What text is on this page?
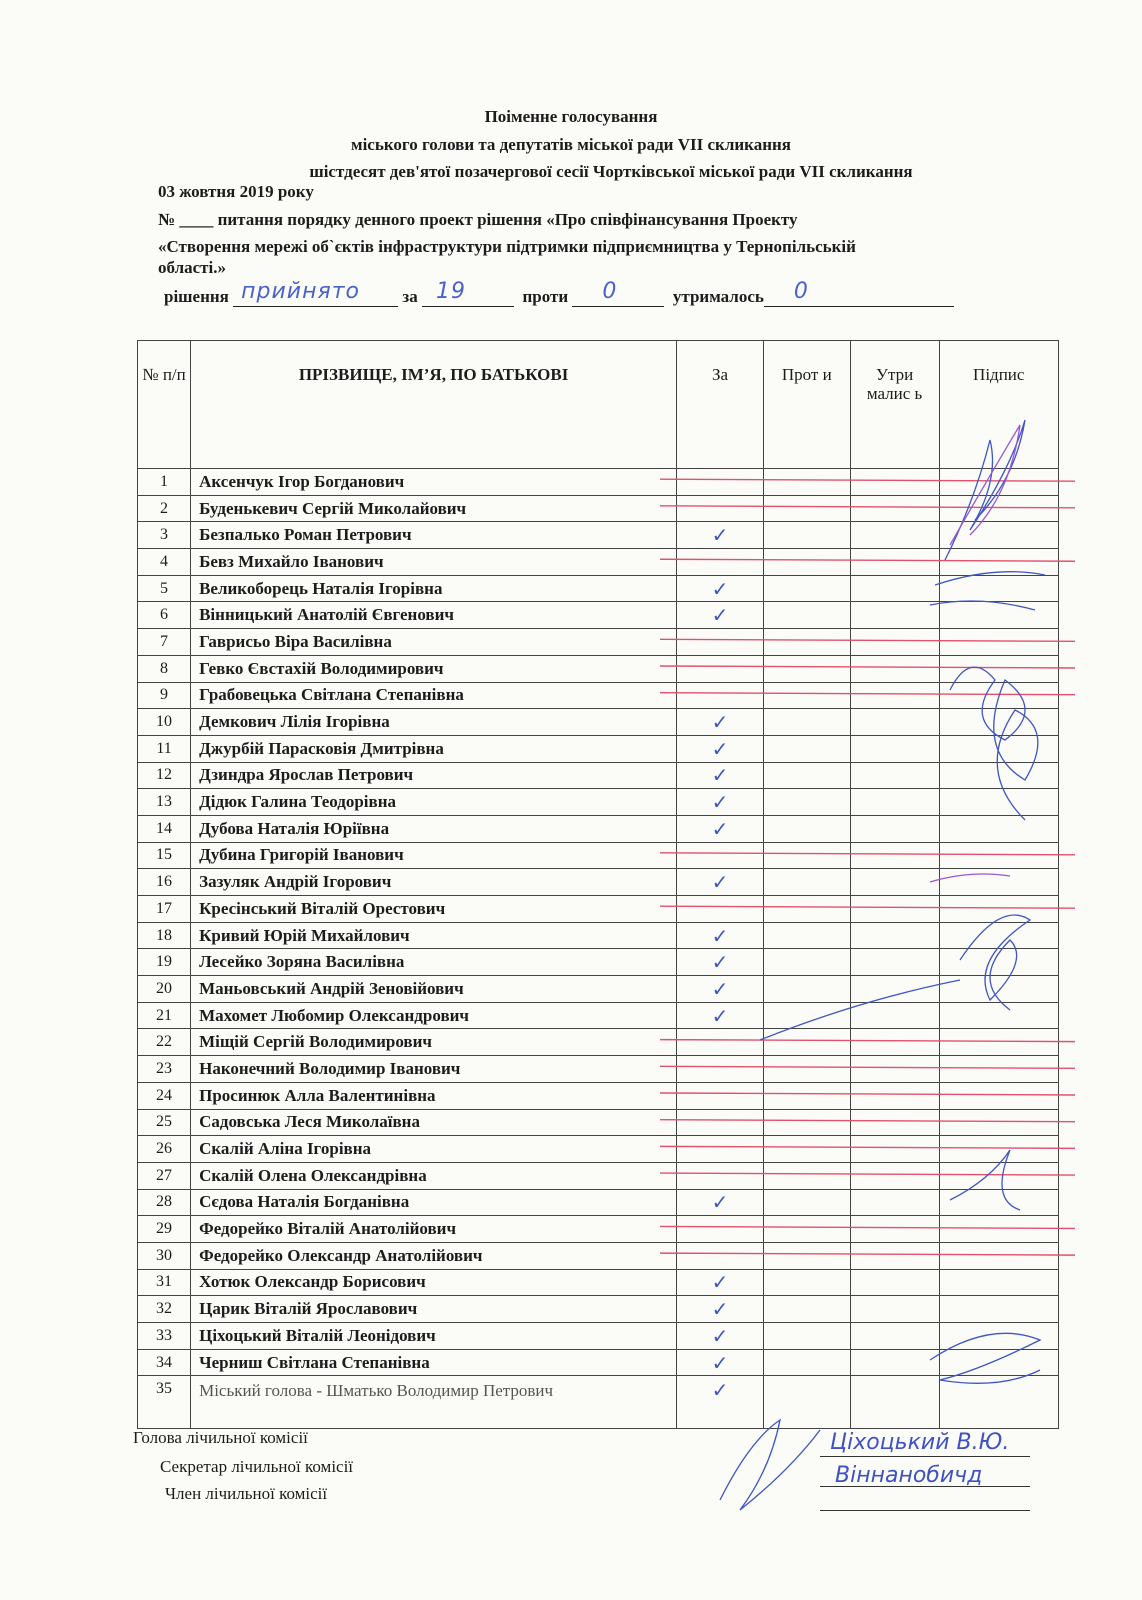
Поіменне голосування
міського голови та депутатів міської ради VII скликання
шістдесят дев'ятої позачергової сесії Чортківської міської ради VII скликання
03 жовтня 2019 року
№ ____ питання порядку денного проект рішення «Про співфінансування Проекту
«Створення мережі об`єктів інфраструктури підтримки підприємництва у Тернопільській
області.»
рішення прийнято за 19	проти 0	утрималось 0
№ п/п	ПРІЗВИЩЕ, ІМ’Я, ПО БАТЬКОВІ	За	Прот и	Утри малис ь	Підпис
1	Аксенчук Ігор Богданович				
2	Буденькевич Сергій Миколайович				
3	Безпалько Роман Петрович	✓			
4	Бевз Михайло Іванович				
5	Великоборець Наталія Ігорівна	✓			
6	Вінницький Анатолій Євгенович	✓			
7	Гаврисьо Віра Василівна				
8	Гевко Євстахій Володимирович				
9	Грабовецька Світлана Степанівна				
10	Демкович Лілія Ігорівна	✓			
11	Джурбій Парасковія Дмитрівна	✓			
12	Дзиндра Ярослав Петрович	✓			
13	Дідюк Галина Теодорівна	✓			
14	Дубова Наталія Юріївна	✓			
15	Дубина Григорій Іванович				
16	Зазуляк Андрій Ігорович	✓			
17	Кресінський Віталій Орестович				
18	Кривий Юрій Михайлович	✓			
19	Лесейко Зоряна Василівна	✓			
20	Маньовський Андрій Зеновійович	✓			
21	Махомет Любомир Олександрович	✓			
22	Міщій Сергій Володимирович				
23	Наконечний Володимир Іванович				
24	Просинюк Алла Валентинівна				
25	Садовська Леся Миколаївна				
26	Скалій Аліна Ігорівна				
27	Скалій Олена Олександрівна				
28	Сєдова Наталія Богданівна	✓			
29	Федорейко Віталій Анатолійович				
30	Федорейко Олександр Анатолійович				
31	Хотюк Олександр Борисович	✓			
32	Царик Віталій Ярославович	✓			
33	Ціхоцький Віталій Леонідович	✓			
34	Черниш Світлана Степанівна	✓			
35	Міський голова - Шматько Володимир Петрович	✓			
Голова лічильної комісії
Секретар лічильної комісії
Член лічильної комісії
Ціхоцький В.Ю.
Віннанобичд
